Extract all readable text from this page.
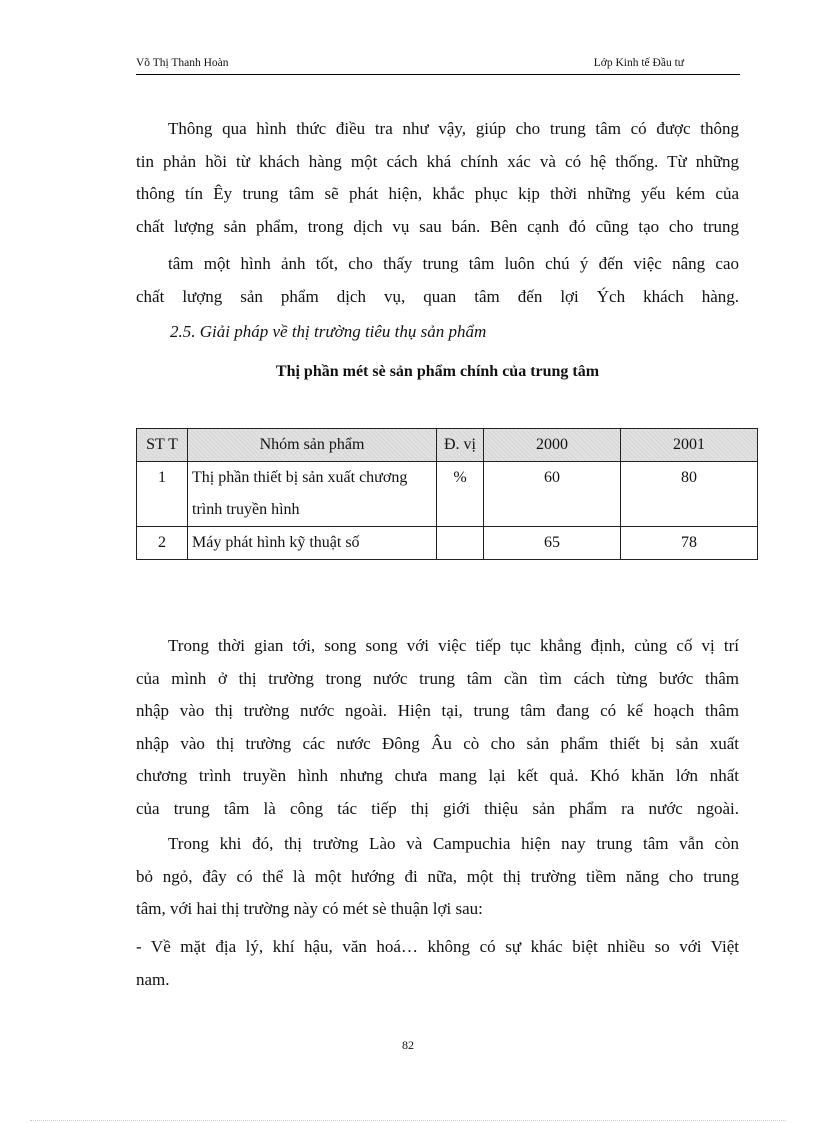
Võ Thị Thanh Hoàn	Lớp Kinh tế Đầu tư

Thông qua hình thức điều tra như vậy, giúp cho trung tâm có được thông

tin phản hồi từ khách hàng một cách khá chính xác và có hệ thống. Từ những

thông tín Êy trung tâm sẽ phát hiện, khắc phục kịp thời những yếu kém của

chất lượng sản phẩm, trong dịch vụ sau bán. Bên cạnh đó cũng tạo cho trung

tâm một hình ảnh tốt, cho thấy trung tâm luôn chú ý đến việc nâng cao

chất lượng sản phẩm dịch vụ, quan tâm đến lợi Ých khách hàng.

2.5. Giải pháp về thị trường tiêu thụ sản phẩm
Thị phần mét sè sản phẩm chính của trung tâm
ST T	Nhóm sản phẩm	Đ. vị	2000	2001
1	Thị phần thiết bị sản xuất chương trình truyền hình	%	60	80
2	Máy phát hình kỹ thuật số		65	78

Trong thời gian tới, song song với việc tiếp tục khẳng định, củng cố vị trí

của mình ở thị trường trong nước trung tâm cần tìm cách từng bước thâm

nhập vào thị trường nước ngoài. Hiện tại, trung tâm đang có kế hoạch thâm

nhập vào thị trường các nước Đông Âu cò cho sản phẩm thiết bị sản xuất

chương trình truyền hình nhưng chưa mang lại kết quả. Khó khăn lớn nhất

của trung tâm là công tác tiếp thị giới thiệu sản phẩm ra nước ngoài.

Trong khi đó, thị trường Lào và Campuchia hiện nay trung tâm vẫn còn

bỏ ngỏ, đây có thể là một hướng đi nữa, một thị trường tiềm năng cho trung

tâm, với hai thị trường này có mét sè thuận lợi sau:

- Về mặt địa lý, khí hậu, văn hoá… không có sự khác biệt nhiều so với Việt

nam.

82
